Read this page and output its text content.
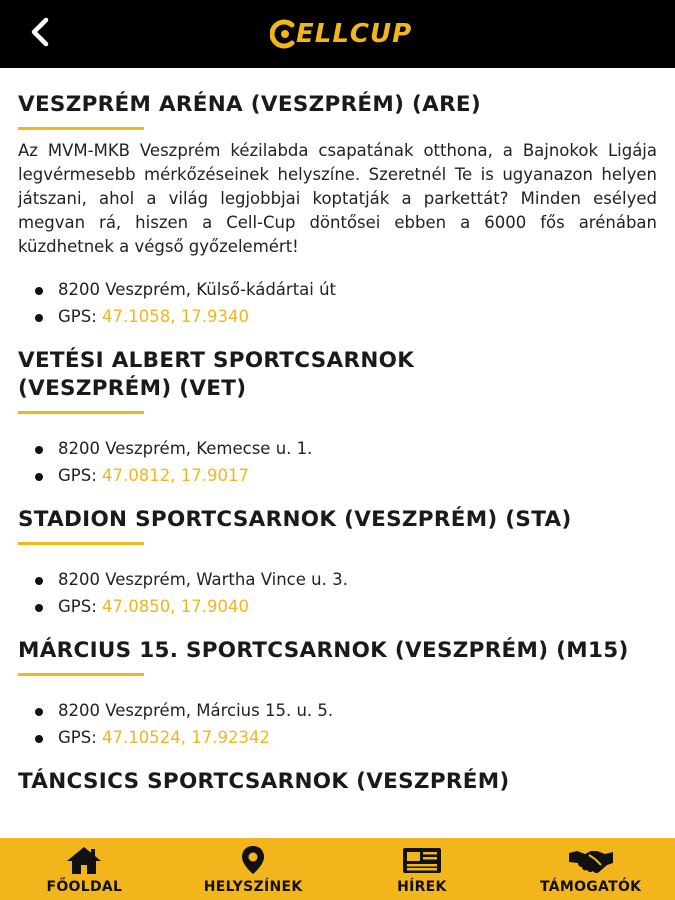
ELLCUP
VESZPRÉM ARÉNA (VESZPRÉM) (ARE)

Az MVM-MKB Veszprém kézilabda csapatának otthona, a Bajnokok Ligája legvérmesebb mérkőzéseinek helyszíne. Szeretnél Te is ugyanazon helyen játszani, ahol a világ legjobbjai koptatják a parkettát? Minden esélyed megvan rá, hiszen a Cell-Cup döntősei ebben a 6000 fős arénában küzdhetnek a végső győzelemért!

8200 Veszprém, Külső-kádártai út
GPS: 47.1058, 17.9340
VETÉSI ALBERT SPORTCSARNOK (VESZPRÉM) (VET)
8200 Veszprém, Kemecse u. 1.
GPS: 47.0812, 17.9017
STADION SPORTCSARNOK (VESZPRÉM) (STA)
8200 Veszprém, Wartha Vince u. 3.
GPS: 47.0850, 17.9040
MÁRCIUS 15. SPORTCSARNOK (VESZPRÉM) (M15)
8200 Veszprém, Március 15. u. 5.
GPS: 47.10524, 17.92342
TÁNCSICS SPORTCSARNOK (VESZPRÉM)
FŐOLDAL	HELYSZÍNEK	HÍREK	TÁMOGATÓK
